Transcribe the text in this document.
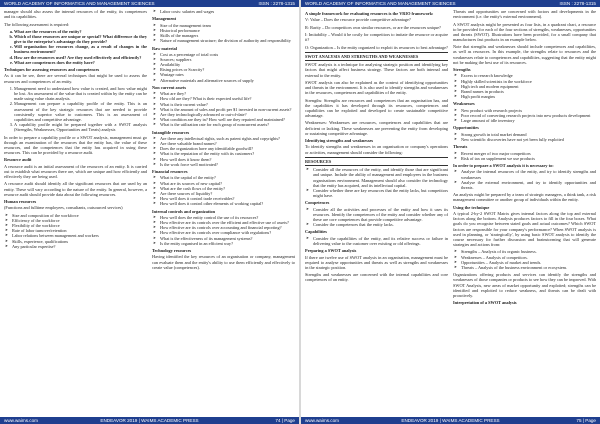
WORLD ACADEMY OF INFORMATICS AND MANAGEMENT SCIENCES	ISSN : 2278-1315

manager should also assess the internal resources of the entity, its competences and its capabilities.

The following assessment is required:

a. What are the resources of the entity?
b. Which of those resources are unique or special? What difference do they give to the enterprise's advantage do they provide?
c. Will organisation for resources change, as a result of changes in the business environment?
d. How are the resources used? Are they used effectively and efficiently?
e. What are competences does the entity have?

Techniques for assessing resources and competences

As it can be see, there are several techniques that might be used to assess the resources and competences of an entity.

1. Management need to understand how value is created, and how value might be lost. An assessment of the value that is created within by the entity can be made using value chain analysis.
2. Management can prepare a capability profile of the entity. This is an assessment of the key strategic resources that are needed to provide consistently superior value to customers. This is an assessment of capabilities and competitive advantage.
3. A capability profile might be prepared together with a SWOT analysis (Strengths, Weaknesses, Opportunities and Treats) analysis

In order to prepare a capability profile or a SWOT analysis, management must go through an examination of the resources that the entity has, the value of these resources, and the competences that the entity has acquired in using these resources. This can be provided by a resource audit.

Resource audit

A resource audit is an initial assessment of the resources of an entity. It is carried out to establish what resources there are, which are unique and how efficiently and effectively they are being used.

A resource audit should identify all the significant resources that are used by an entity. These will vary according to the nature of the entity. In general, however, a resource audit should provide data about the following resources.

Human resources

(Functions and fulltime employees, consultants, outsourced services)

➤ Size and composition of the workforce
➤ Efficiency of the workforce
➤ Flexibility of the workforce
➤ Rate of labor turnover/retention
➤ Labor relations between management and workers
➤ Skills, experience, qualifications
➤ Any particular expertise?
➤ Labor costs: salaries and wages

Management

➤ Size of the management team
➤ Historical performance
➤ Skills of the managers
➤ Nature of management structure; the division of authority and responsibility

Raw material

➤ Cost as a percentage of total costs
➤ Sources; suppliers
➤ Availability
➤ Rising prices or Scarcity?
➤ Wastage rates
➤ Alternative materials and alternative sources of supply

Non current assets

➤ What are they?
➤ How old are they? What is their expected useful life?
➤ What is their current value?
➤ What is the amount of sales and profit per $1 invested in non-current assets?
➤ Are they technologically advanced or out-of-date?
➤ What condition are they in? How well are they repaired and maintained?
➤ What is the utilization rate for each group of noncurrent assets?

Intangible resources

➤ Are there any intellectual rights, such as patent rights and copyrights?
➤ Are there valuable brand names?
➤ Does the organization have any identifiable goodwill?
➤ What is the reputation of the entity with its customers?
➤ How well does it know them?
➤ Is the work force well motivated?

Financial resources

➤ What is the capital of the entity?
➤ What are its sources of new capital?
➤ What are the cash flows of the entity?
➤ Are there sources of liquidity?
➤ How well does it control trade receivables?
➤ How well does it control other elements of working capital?

Internal controls and organization

➤ How well does the entity control the use of its resources?
➤ How effective are its controls over the efficient and effective use of assets?
➤ How effective are its controls over accounting and financial reporting?
➤ How effective are its controls over compliance with regulations?
➤ What is the effectiveness of its management systems?
➤ Is the entity organised in an efficient way?

Technology resources

Having identified the key resources of an organisation or company, management can evaluate them and the entity's ability to use them efficiently and effectively to create value (competences).

www.waims.com	ENDEAVOR 2019 | WAIMS ACADEMIC PRESS	74 | Page
WORLD ACADEMY OF INFORMATICS AND MANAGEMENT SCIENCES	ISSN : 2278-1315

A simple framework for evaluating resources is the VRIO framework:

V: Value – Does the resource provide competitive advantage?

R: Rarity – Do competitors own similar resources, or are the resources unique?

I: Imitability – Would it be costly for competitors to imitate the resource or acquire it?

O: Organization – Is the entity organized to exploit its resources to best advantage?

SWOT ANALYSIS AND STRENGTHS AND WEAKNESSES

SWOT analysis is a technique for analysing strategic position and identifying key factors that might affect business strategy. These factors are both internal and external to the entity.

SWOT analysis can also be explained as the context of identifying opportunities and threats in the environment. It is also used to identify strengths and weaknesses in the resources, competences and capabilities of the entity.

Strengths: Strengths are resources and competences that an organisation has, and the capabilities it has developed through its resources, competences and capabilities can be exploited and developed to create sustainable competitive advantage.

Weaknesses: Weaknesses are resources, competences and capabilities that are deficient or lacking. These weaknesses are preventing the entity from developing or sustaining competitive advantage.

Identifying strengths and weaknesses

To identify strengths and weaknesses in an organisation or company's operations or activities, management should consider the following:

RESOURCES

➤ Consider all the resources of the entity, and identify those that are significant and unique. Include the ability of management and employees in the business organisations environment. Management should also consider the technology that the entity has acquired, and its intellectual capital.
➤ Consider whether there are key resources that the entity lacks, but competitors might have.

Competences

➤ Consider all the activities and processes of the entity and how it uses its resources. Identify the competences of the entity and consider whether any of these are core competences that provide competitive advantage.
➤ Consider the competences that the entity lacks.

Capabilities

➤ Consider the capabilities of the entity, and its relative success or failure in delivering value to the customer over existing or old offerings.

Preparing a SWOT analysis

If there are twelve use of SWOT analysis in an organisation, management must be required to analyse opportunities and threats as well as strengths and weaknesses in the strategic position.

Strengths and weaknesses are concerned with the internal capabilities and core competences of an entity.

Threats and opportunities are concerned with factors and developments in the environment (i.e. the entity's external environment).

A SWOT analysis might be presented as four lists, in a quadrant chart, a resource to be provided for each of the four sections of strengths, weaknesses, opportunities and threats (SWOT). Illustrations have been provided, for a small company that manufactures fast products in an example below.

Note that strengths and weaknesses should include competences and capabilities, as well as resources. In this example, the strengths relate to resources and the weaknesses relate to competences and capabilities, suggesting that the entity might not be making the best use of its resources.

Strengths

➤ Excess to research knowledge
➤ Highly skilled scientists in the workforce
➤ High tech and modern equipment
➤ Brand names in products
➤ High profit margins

Weaknesses

➤ New product with research projects
➤ Poor record of converting research projects into new products development
➤ Large amount of idle inventory

Opportunities

➤ Strong growth in total market demand
➤ New scientific discoveries have not yet been fully exploited

Threats

➤ Recent merger of two major competitors
➤ Risk of tax on supplement we use products

In order to prepare a SWOT analysis it is necessary to:

➤ Analyse the internal resources of the entity, and try to identify strengths and weaknesses
➤ Analyse the external environment, and try to identify opportunities and threats.

An analysis might be prepared by a team of strategic managers, a think tank, a risk management committee or another group of individuals within the entity.

Using the technique

A typical 2-by-2 SWOT Matrix gives internal factors along the top and external factors along the bottom. Analysis produces factors to fill in the four boxes. What goals do you recognise between stated goals and actual outcomes? Which SWOT factors are responsible for your company's performance? When SWOT analysis is used in planning, or 'strategically', by using basic SWOT analysis to identify the course necessary for further discussion and brainstorming that will generate strategies and actions from:

➤ Strengths – Analysis of its organic business.
➤ Weaknesses – Analysis of competitors.
➤ Opportunities – Analysis of market and trends.
➤ Threats – Analysis of the business environment or ecosystem.

Organizations offering products and services can identify the strengths and weaknesses of those companies or products to see how they can be improved. With SWOT Analysis, new areas of market opportunity and exploited; strengths can be identified and exploited to reduce weakness, and threats can be dealt with proactively.

Interpretation of a SWOT analysis

www.waims.com	ENDEAVOR 2019 | WAIMS ACADEMIC PRESS	75 | Page
